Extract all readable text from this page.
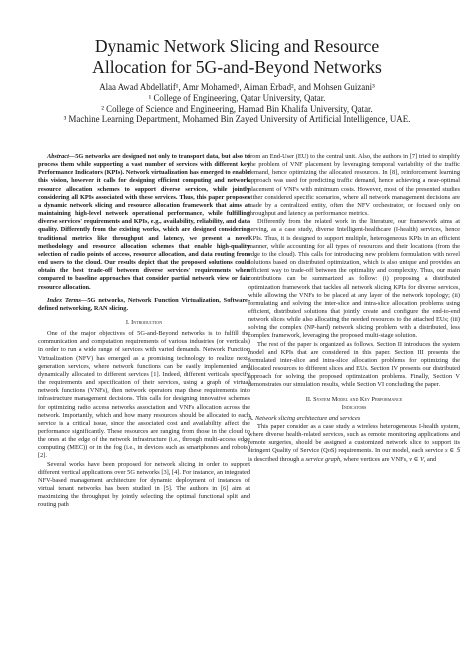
Dynamic Network Slicing and Resource
Allocation for 5G-and-Beyond Networks
Alaa Awad Abdellatif¹, Amr Mohamed¹, Aiman Erbad², and Mohsen Guizani³
¹ College of Engineering, Qatar University, Qatar.
² College of Science and Engineering, Hamad Bin Khalifa University, Qatar.
³ Machine Learning Department, Mohamed Bin Zayed University of Artificial Intelligence, UAE.

Abstract—5G networks are designed not only to transport data, but also to process them while supporting a vast number of services with different key Performance Indicators (KPIs). Network virtualization has emerged to enable this vision, however it calls for designing efficient computing and network resource allocation schemes to support diverse services, while jointly considering all KPIs associated with these services. Thus, this paper proposes a dynamic network slicing and resource allocation framework that aims at maintaining high-level network operational performance, while fulfilling diverse services' requirements and KPIs, e.g., availability, reliability, and data quality. Differently from the existing works, which are designed considering traditional metrics like throughput and latency, we present a novel methodology and resource allocation schemes that enable high-quality selection of radio points of access, resource allocation, and data routing from end users to the cloud. Our results depict that the proposed solutions could obtain the best trade-off between diverse services' requirements when compared to baseline approaches that consider partial network view or fair resource allocation.

Index Terms—5G networks, Network Function Virtualization, Software-defined networking, RAN slicing.

I. Introduction

One of the major objectives of 5G-and-Beyond networks is to fulfill the communication and computation requirements of various industries (or verticals) in order to run a wide range of services with varied demands. Network Function Virtualization (NFV) has emerged as a promising technology to realize next-generation services, where network functions can be easily implemented and dynamically allocated to different services [1]. Indeed, different verticals specify the requirements and specification of their services, using a graph of virtual network functions (VNFs), then network operators map these requirements into infrastructure management decisions. This calls for designing innovative schemes for optimizing radio access networks association and VNFs allocation across the network. Importantly, which and how many resources should be allocated to each service is a critical issue, since the associated cost and availability affect the performance significantly. These resources are ranging from those in the cloud to the ones at the edge of the network infrastructure (i.e., through multi-access edge computing (MEC)) or in the fog (i.e., in devices such as smartphones and robots) [2].

Several works have been proposed for network slicing in order to support different vertical applications over 5G networks [3], [4]. For instance, an integrated NFV-based management architecture for dynamic deployment of instances of virtual tenant networks has been studied in [5]. The authors in [6] aim at maximizing the throughput by jointly selecting the optimal functional split and routing path

from an End-User (EU) to the central unit. Also, the authors in [7] tried to simplify the problem of VNF placement by leveraging temporal variability of the traffic demand, hence optimizing the allocated resources. In [8], reinforcement learning approach was used for predicting traffic demand, hence achieving a near-optimal placement of VNFs with minimum costs. However, most of the presented studies either considered specific scenarios, where all network management decisions are made by a centralized entity, often the NFV orchestrator, or focused only on throughput and latency as performance metrics.

Differently from the related work in the literature, our framework aims at serving, as a case study, diverse Intelligent-healthcare (I-health) services, hence KPIs. Thus, it is designed to support multiple, heterogeneous KPIs in an efficient manner, while accounting for all types of resources and their locations (from the edge to the cloud). This calls for introducing new problem formulation with novel solutions based on distributed optimization, which is also unique and provides an efficient way to trade-off between the optimality and complexity. Thus, our main contributions can be summarized as follow: (i) proposing a distributed optimization framework that tackles all network slicing KPIs for diverse services, while allowing the VNFs to be placed at any layer of the network topology; (ii) formulating and solving the inter-slice and intra-slice allocation problems using efficient, distributed solutions that jointly create and configure the end-to-end network slices while also allocating the needed resources to the attached EUs; (iii) solving the complex (NP-hard) network slicing problem with a distributed, less complex framework, leveraging the proposed multi-stage solution.

The rest of the paper is organized as follows. Section II introduces the system model and KPIs that are considered in this paper. Section III presents the formulated inter-slice and intra-slice allocation problems for optimizing the allocated resources to different slices and EUs. Section IV presents our distributed approach for solving the proposed optimization problems. Finally, Section V demonstrates our simulation results, while Section VI concluding the paper.

II. System Model and Key Performance
Indicators

A. Network slicing architecture and services

This paper consider as a case study a wireless heterogeneous I-health system, where diverse health-related services, such as remote monitoring applications and remote surgeries, should be assigned a customized network slice to support its stringent Quality of Service (QoS) requirements. In our model, each service s ∈ 𝕊 is described through a service graph, where vertices are VNFs, v ∈ V, and
